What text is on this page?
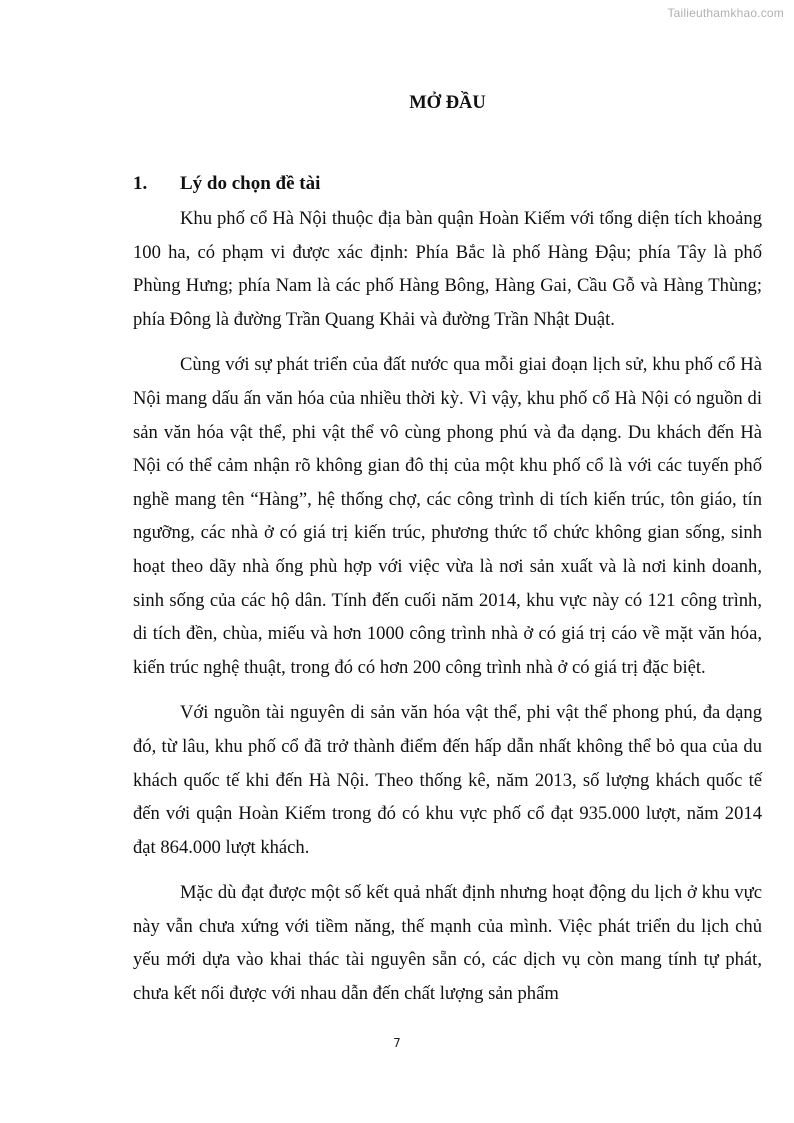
Tailieuthamkhao.com
MỞ ĐẦU
1.	Lý do chọn đề tài

Khu phố cổ Hà Nội thuộc địa bàn quận Hoàn Kiếm với tổng diện tích khoảng 100 ha, có phạm vi được xác định: Phía Bắc là phố Hàng Đậu; phía Tây là phố Phùng Hưng; phía Nam là các phố Hàng Bông, Hàng Gai, Cầu Gỗ và Hàng Thùng; phía Đông là đường Trần Quang Khải và đường Trần Nhật Duật.

Cùng với sự phát triển của đất nước qua mỗi giai đoạn lịch sử, khu phố cổ Hà Nội mang dấu ấn văn hóa của nhiều thời kỳ. Vì vậy, khu phố cổ Hà Nội có nguồn di sản văn hóa vật thể, phi vật thể vô cùng phong phú và đa dạng. Du khách đến Hà Nội có thể cảm nhận rõ không gian đô thị của một khu phố cổ là với các tuyến phố nghề mang tên “Hàng”, hệ thống chợ, các công trình di tích kiến trúc, tôn giáo, tín ngưỡng, các nhà ở có giá trị kiến trúc, phương thức tổ chức không gian sống, sinh hoạt theo dãy nhà ống phù hợp với việc vừa là nơi sản xuất và là nơi kinh doanh, sinh sống của các hộ dân. Tính đến cuối năm 2014, khu vực này có 121 công trình, di tích đền, chùa, miếu và hơn 1000 công trình nhà ở có giá trị cáo về mặt văn hóa, kiến trúc nghệ thuật, trong đó có hơn 200 công trình nhà ở có giá trị đặc biệt.

Với nguồn tài nguyên di sản văn hóa vật thể, phi vật thể phong phú, đa dạng đó, từ lâu, khu phố cổ đã trở thành điểm đến hấp dẫn nhất không thể bỏ qua của du khách quốc tế khi đến Hà Nội. Theo thống kê, năm 2013, số lượng khách quốc tế đến với quận Hoàn Kiếm trong đó có khu vực phố cổ đạt 935.000 lượt, năm 2014 đạt 864.000 lượt khách.

Mặc dù đạt được một số kết quả nhất định nhưng hoạt động du lịch ở khu vực này vẫn chưa xứng với tiềm năng, thế mạnh của mình. Việc phát triển du lịch chủ yếu mới dựa vào khai thác tài nguyên sẵn có, các dịch vụ còn mang tính tự phát, chưa kết nối được với nhau dẫn đến chất lượng sản phẩm

7
